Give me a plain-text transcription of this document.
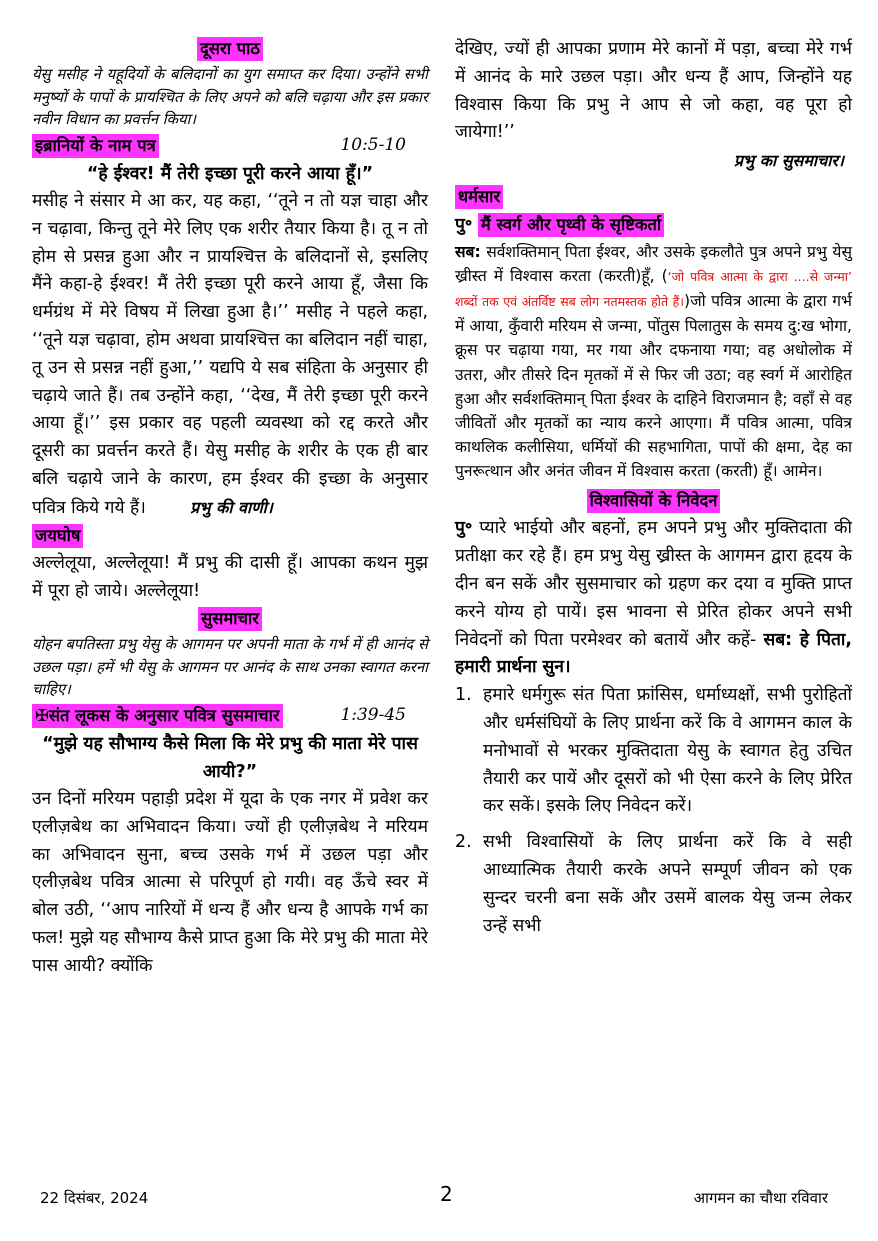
दूसरा पाठ

येसु मसीह ने यहूदियों के बलिदानों का युग समाप्त कर दिया। उन्होंने सभी मनुष्यों के पापों के प्रायश्चित के लिए अपने को बलि चढ़ाया और इस प्रकार नवीन विधान का प्रवर्त्तन किया।

इब्रानियों के नाम पत्र	10:5-10

“हे ईश्वर! मैं तेरी इच्छा पूरी करने आया हूँ।”

मसीह ने संसार मे आ कर, यह कहा, ‘‘तूने न तो यज्ञ चाहा और न चढ़ावा, किन्तु तूने मेरे लिए एक शरीर तैयार किया है। तू न तो होम से प्रसन्न हुआ और न प्रायश्चित्त के बलिदानों से, इसलिए मैंने कहा-हे ईश्वर! मैं तेरी इच्छा पूरी करने आया हूँ, जैसा कि धर्मग्रंथ में मेरे विषय में लिखा हुआ है।’’ मसीह ने पहले कहा, ‘‘तूने यज्ञ चढ़ावा, होम अथवा प्रायश्चित्त का बलिदान नहीं चाहा, तू उन से प्रसन्न नहीं हुआ,’’ यद्यपि ये सब संहिता के अनुसार ही चढ़ाये जाते हैं। तब उन्होंने कहा, ‘‘देख, मैं तेरी इच्छा पूरी करने आया हूँ।’’ इस प्रकार वह पहली व्यवस्था को रद्द करते और दूसरी का प्रवर्त्तन करते हैं। येसु मसीह के शरीर के एक ही बार बलि चढ़ाये जाने के कारण, हम ईश्वर की इच्छा के अनुसार पवित्र किये गये हैं।	प्रभु की वाणी।

जयघोष

अल्लेलूया, अल्लेलूया! मैं प्रभु की दासी हूँ। आपका कथन मुझ में पूरा हो जाये। अल्लेलूया!

सुसमाचार

योहन बपतिस्ता प्रभु येसु के आगमन पर अपनी माता के गर्भ में ही आनंद से उछल पड़ा। हमें भी येसु के आगमन पर आनंद के साथ उनका स्वागत करना चाहिए।

✠संत लूकस के अनुसार पवित्र सुसमाचार	1:39-45

“मुझे यह सौभाग्य कैसे मिला कि मेरे प्रभु की माता मेरे पास आयी?”

उन दिनों मरियम पहाड़ी प्रदेश में यूदा के एक नगर में प्रवेश कर एलीज़बेथ का अभिवादन किया। ज्यों ही एलीज़बेथ ने मरियम का अभिवादन सुना, बच्च उसके गर्भ में उछल पड़ा और एलीज़बेथ पवित्र आत्मा से परिपूर्ण हो गयी। वह ऊँचे स्वर में बोल उठी, ‘‘आप नारियों में धन्य हैं और धन्य है आपके गर्भ का फल! मुझे यह सौभाग्य कैसे प्राप्त हुआ कि मेरे प्रभु की माता मेरे पास आयी? क्योंकि

देखिए, ज्यों ही आपका प्रणाम मेरे कानों में पड़ा, बच्चा मेरे गर्भ में आनंद के मारे उछल पड़ा। और धन्य हैं आप, जिन्होंने यह विश्वास किया कि प्रभु ने आप से जो कहा, वह पूरा हो जायेगा!’’

प्रभु का सुसमाचार।

धर्मसार
पु॰ मैं स्वर्ग और पृथ्वी के सृष्टिकर्ता

सब: सर्वशक्तिमान् पिता ईश्वर, और उसके इकलौते पुत्र अपने प्रभु येसु ख्रीस्त में विश्वास करता (करती)हूँ, (‘जो पवित्र आत्मा के द्वारा ....से जन्मा’ शब्दों तक एवं अंतर्विष्ट सब लोग नतमस्तक होते हैं।)जो पवित्र आत्मा के द्वारा गर्भ में आया, कुँवारी मरियम से जन्मा, पोंतुस पिलातुस के समय दु:ख भोगा, क्रूस पर चढ़ाया गया, मर गया और दफनाया गया; वह अधोलोक में उतरा, और तीसरे दिन मृतकों में से फिर जी उठा; वह स्वर्ग में आरोहित हुआ और सर्वशक्तिमान् पिता ईश्वर के दाहिने विराजमान है; वहाँ से वह जीवितों और मृतकों का न्याय करने आएगा। मैं पवित्र आत्मा, पवित्र काथलिक कलीसिया, धर्मियों की सहभागिता, पापों की क्षमा, देह का पुनरूत्थान और अनंत जीवन में विश्वास करता (करती) हूँ। आमेन।

विश्वासियों के निवेदन

पु॰ प्यारे भाईयो और बहनों, हम अपने प्रभु और मुक्तिदाता की प्रतीक्षा कर रहे हैं। हम प्रभु येसु ख्रीस्त के आगमन द्वारा हृदय के दीन बन सकें और सुसमाचार को ग्रहण कर दया व मुक्ति प्राप्त करने योग्य हो पायें। इस भावना से प्रेरित होकर अपने सभी निवेदनों को पिता परमेश्वर को बतायें और कहें- सब: हे पिता, हमारी प्रार्थना सुन।

1. हमारे धर्मगुरू संत पिता फ्रांसिस, धर्माध्यक्षों, सभी पुरोहितों और धर्मसंघियों के लिए प्रार्थना करें कि वे आगमन काल के मनोभावों से भरकर मुक्तिदाता येसु के स्वागत हेतु उचित तैयारी कर पायें और दूसरों को भी ऐसा करने के लिए प्रेरित कर सकें। इसके लिए निवेदन करें।
2. सभी विश्वासियों के लिए प्रार्थना करें कि वे सही आध्यात्मिक तैयारी करके अपने सम्पूर्ण जीवन को एक सुन्दर चरनी बना सकें और उसमें बालक येसु जन्म लेकर उन्हें सभी
22 दिसंबर, 2024	2	आगमन का चौथा रविवार
